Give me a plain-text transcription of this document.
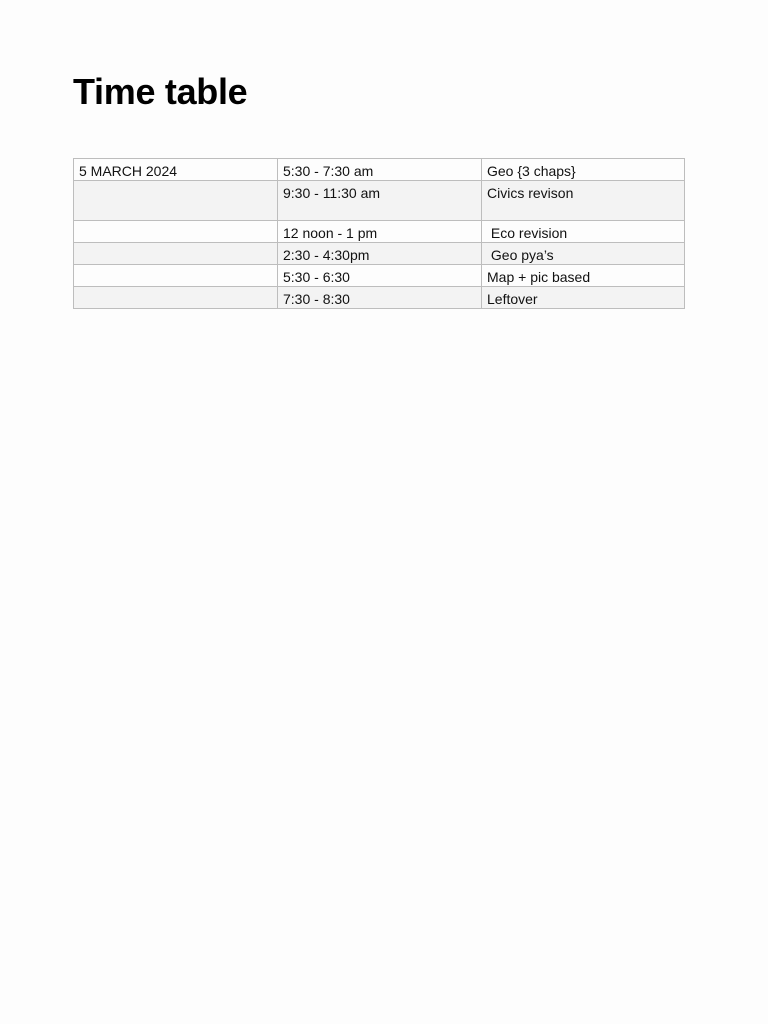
Time table
5 MARCH 2024	5:30 - 7:30 am	Geo {3 chaps}
	9:30 - 11:30 am	Civics revison
	12 noon - 1 pm	Eco revision
	2:30 - 4:30pm	Geo pya’s
	5:30 - 6:30	Map + pic based
	7:30 - 8:30	Leftover
